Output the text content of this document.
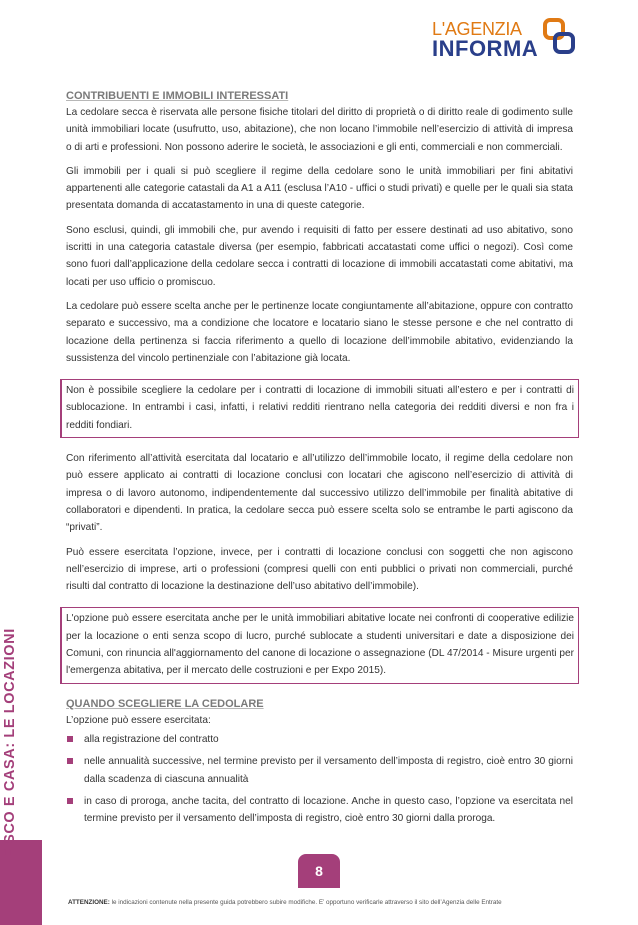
L'AGENZIA
INFORMA
FISCO E CASA: LE LOCAZIONI
CONTRIBUENTI E IMMOBILI INTERESSATI

La cedolare secca è riservata alle persone fisiche titolari del diritto di proprietà o di diritto reale di godimento sulle unità immobiliari locate (usufrutto, uso, abitazione), che non locano l’immobile nell’esercizio di attività di impresa o di arti e professioni. Non possono aderire le società, le associazioni e gli enti, commerciali e non commerciali.

Gli immobili per i quali si può scegliere il regime della cedolare sono le unità immobiliari per fini abitativi appartenenti alle categorie catastali da A1 a A11 (esclusa l’A10 - uffici o studi privati) e quelle per le quali sia stata presentata domanda di accatastamento in una di queste categorie.

Sono esclusi, quindi, gli immobili che, pur avendo i requisiti di fatto per essere destinati ad uso abitativo, sono iscritti in una categoria catastale diversa (per esempio, fabbricati accatastati come uffici o negozi). Così come sono fuori dall’applicazione della cedolare secca i contratti di locazione di immobili accatastati come abitativi, ma locati per uso ufficio o promiscuo.

La cedolare può essere scelta anche per le pertinenze locate congiuntamente all’abitazione, oppure con contratto separato e successivo, ma a condizione che locatore e locatario siano le stesse persone e che nel contratto di locazione della pertinenza si faccia riferimento a quello di locazione dell’immobile abitativo, evidenziando la sussistenza del vincolo pertinenziale con l’abitazione già locata.

Non è possibile scegliere la cedolare per i contratti di locazione di immobili situati all’estero e per i contratti di sublocazione. In entrambi i casi, infatti, i relativi redditi rientrano nella categoria dei redditi diversi e non fra i redditi fondiari.

Con riferimento all’attività esercitata dal locatario e all’utilizzo dell’immobile locato, il regime della cedolare non può essere applicato ai contratti di locazione conclusi con locatari che agiscono nell’esercizio di attività di impresa o di lavoro autonomo, indipendentemente dal successivo utilizzo dell’immobile per finalità abitative di collaboratori e dipendenti. In pratica, la cedolare secca può essere scelta solo se entrambe le parti agiscono da “privati”.

Può essere esercitata l’opzione, invece, per i contratti di locazione conclusi con soggetti che non agiscono nell’esercizio di imprese, arti o professioni (compresi quelli con enti pubblici o privati non commerciali, purché risulti dal contratto di locazione la destinazione dell’uso abitativo dell’immobile).

L'opzione può essere esercitata anche per le unità immobiliari abitative locate nei confronti di cooperative edilizie per la locazione o enti senza scopo di lucro, purché sublocate a studenti universitari e date a disposizione dei Comuni, con rinuncia all'aggiornamento del canone di locazione o assegnazione (DL 47/2014 - Misure urgenti per l'emergenza abitativa, per il mercato delle costruzioni e per Expo 2015).

QUANDO SCEGLIERE LA CEDOLARE

L’opzione può essere esercitata:

alla registrazione del contratto
nelle annualità successive, nel termine previsto per il versamento dell’imposta di registro, cioè entro 30 giorni dalla scadenza di ciascuna annualità
in caso di proroga, anche tacita, del contratto di locazione. Anche in questo caso, l’opzione va esercitata nel termine previsto per il versamento dell’imposta di registro, cioè entro 30 giorni dalla proroga.
8
ATTENZIONE: le indicazioni contenute nella presente guida potrebbero subire modifiche. E’ opportuno verificarle attraverso il sito dell’Agenzia delle Entrate
